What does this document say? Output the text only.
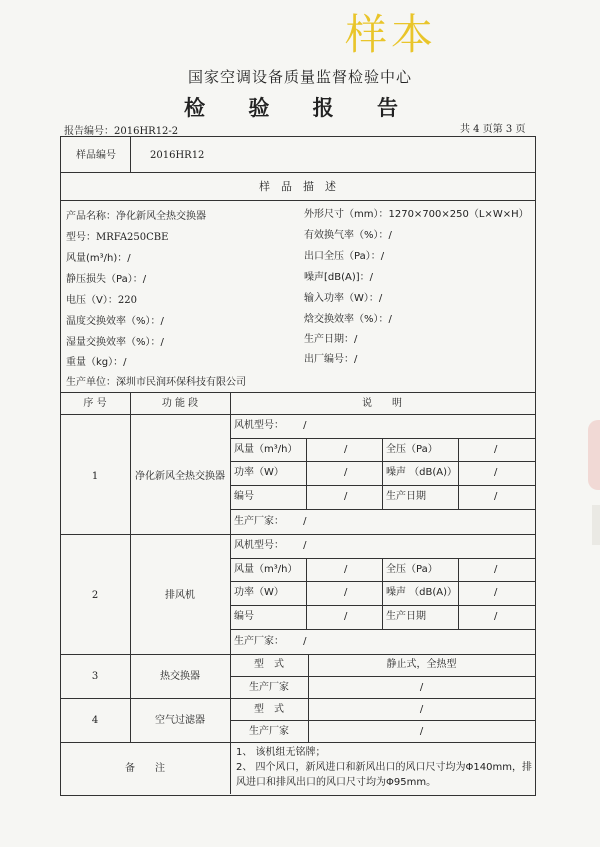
样本
国家空调设备质量监督检验中心
检 验 报 告
报告编号：2016HR12-2	共 4 页第 3 页
样品编号	2016HR12
样　品　描　述
产品名称：净化新风全热交换器
型号：MRFA250CBE
风量(m³/h)：/
静压损失（Pa）：/
电压（V）：220
温度交换效率（%）：/
湿量交换效率（%）：/
重量（kg）：/
生产单位：深圳市民润环保科技有限公司
外形尺寸（mm）：1270×700×250（L×W×H）
有效换气率（%）：/
出口全压（Pa）：/
噪声[dB(A)]：/
输入功率（W）：/
焓交换效率（%）：/
生产日期：/
出厂编号：/
序 号	功 能 段	说　　明
1	净化新风全热交换器
风机型号： /
风量（m³/h）	/	全压（Pa）	/
功率（W）	/	噪声 （dB(A)）	/
编号	/	生产日期	/
生产厂家： /
2	排风机
风机型号： /
风量（m³/h）	/	全压（Pa）	/
功率（W）	/	噪声 （dB(A)）	/
编号	/	生产日期	/
生产厂家： /
3	热交换器
型　式	静止式，全热型
生产厂家	/
4	空气过滤器
型　式	/
生产厂家	/
备　　注
1、 该机组无铭牌；
2、 四个风口，新风进口和新风出口的风口尺寸均为Φ140mm，排
风进口和排风出口的风口尺寸均为Φ95mm。
